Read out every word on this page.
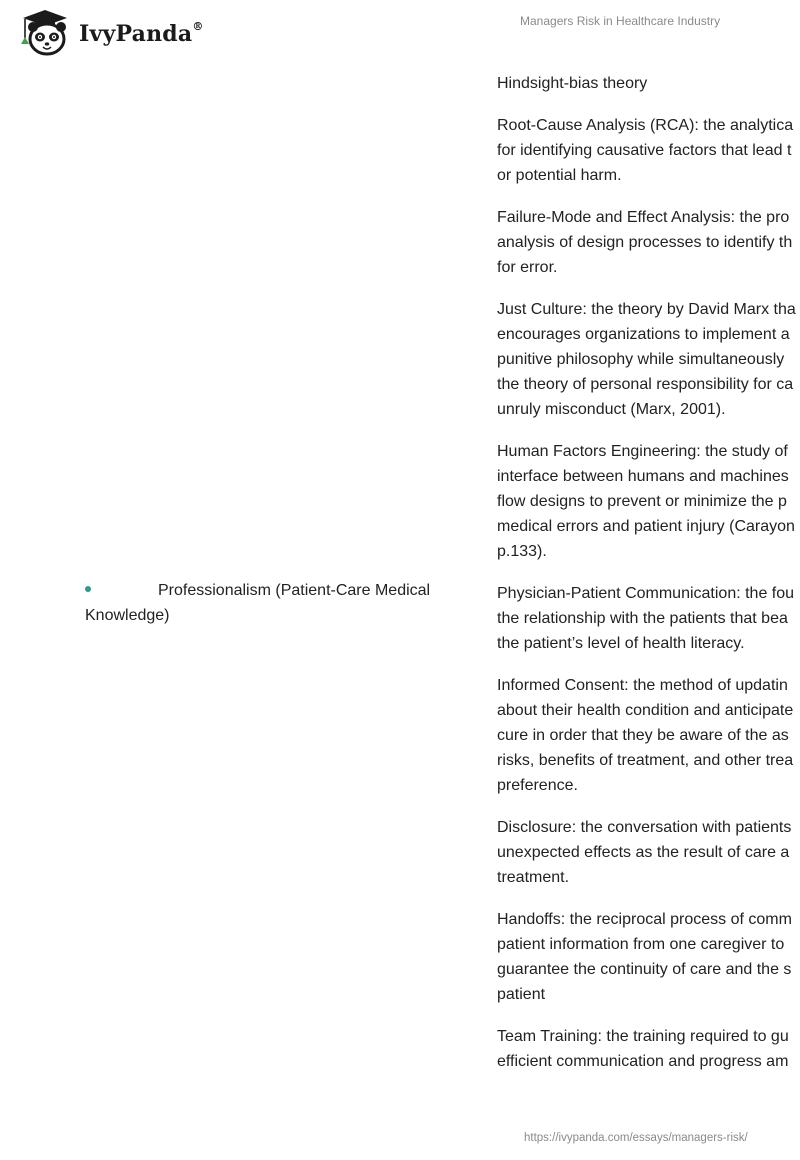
IvyPanda®	Managers Risk in Healthcare Industry
Professionalism (Patient-Care Medical
Knowledge)

Hindsight-bias theory

Root-Cause Analysis (RCA): the analytica
for identifying causative factors that lead t
or potential harm.

Failure-Mode and Effect Analysis: the pro
analysis of design processes to identify th
for error.

Just Culture: the theory by David Marx tha
encourages organizations to implement a
punitive philosophy while simultaneously
the theory of personal responsibility for ca
unruly misconduct (Marx, 2001).

Human Factors Engineering: the study of
interface between humans and machines
flow designs to prevent or minimize the p
medical errors and patient injury (Carayon
p.133).

Physician-Patient Communication: the fou
the relationship with the patients that bea
the patient’s level of health literacy.

Informed Consent: the method of updatin
about their health condition and anticipate
cure in order that they be aware of the as
risks, benefits of treatment, and other trea
preference.

Disclosure: the conversation with patients
unexpected effects as the result of care a
treatment.

Handoffs: the reciprocal process of comm
patient information from one caregiver to
guarantee the continuity of care and the s
patient

Team Training: the training required to gu
efficient communication and progress am

https://ivypanda.com/essays/managers-risk/
